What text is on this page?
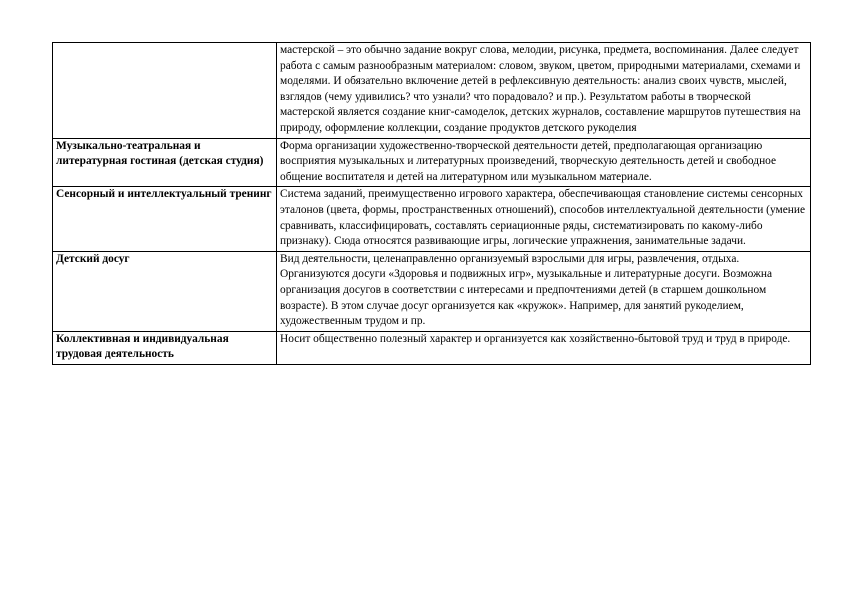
	мастерской – это обычно задание вокруг слова, мелодии, рисунка, предмета, воспоминания. Далее следует работа с самым разнообразным материалом: словом, звуком, цветом, природными материалами, схемами и моделями. И обязательно включение детей в рефлексивную деятельность: анализ своих чувств, мыслей, взглядов (чему удивились? что узнали? что порадовало? и пр.). Результатом работы в творческой мастерской является создание книг-самоделок, детских журналов, составление маршрутов путешествия на природу, оформление коллекции, создание продуктов детского рукоделия
Музыкально-театральная и литературная гостиная (детская студия)	Форма организации художественно-творческой деятельности детей, предполагающая организацию восприятия музыкальных и литературных произведений, творческую деятельность детей и свободное общение воспитателя и детей на литературном или музыкальном материале.
Сенсорный и интеллектуальный тренинг	Система заданий, преимущественно игрового характера, обеспечивающая становление системы сенсорных эталонов (цвета, формы, пространственных отношений), способов интеллектуальной деятельности (умение сравнивать, классифицировать, составлять сериационные ряды, систематизировать по какому-либо признаку). Сюда относятся развивающие игры, логические упражнения, занимательные задачи.
Детский досуг	Вид деятельности, целенаправленно организуемый взрослыми для игры, развлечения, отдыха. Организуются досуги «Здоровья и подвижных игр», музыкальные и литературные досуги. Возможна организация досугов в соответствии с интересами и предпочтениями детей (в старшем дошкольном возрасте). В этом случае досуг организуется как «кружок». Например, для занятий рукоделием, художественным трудом и пр.
Коллективная и индивидуальная трудовая деятельность	Носит общественно полезный характер и организуется как хозяйственно-бытовой труд и труд в природе.
